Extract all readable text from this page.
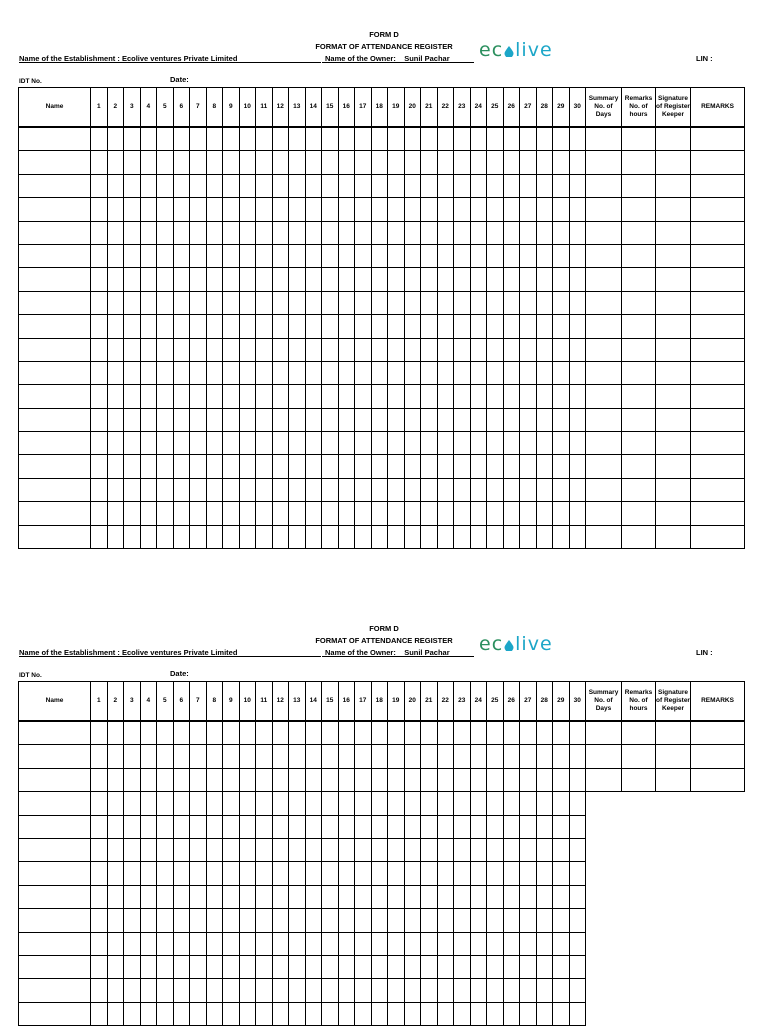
FORM D
FORMAT OF ATTENDANCE REGISTER
Name of the Establishment : Ecolive ventures Private Limited	Name of the Owner: Sunil Pachar ec live	LIN :
IDT No.	Date:
Name	1	2	3	4	5	6	7	8	9	10	11	12	13	14	15	16	17	18	19	20	21	22	23	24	25	26	27	28	29	30	Summary No. of Days	Remarks No. of hours	Signature of Register Keeper	REMARKS

FORM D
FORMAT OF ATTENDANCE REGISTER
Name of the Establishment : Ecolive ventures Private Limited	Name of the Owner: Sunil Pachar ec live	LIN :
IDT No.	Date:
Name	1	2	3	4	5	6	7	8	9	10	11	12	13	14	15	16	17	18	19	20	21	22	23	24	25	26	27	28	29	30	Summary No. of Days	Remarks No. of hours	Signature of Register Keeper	REMARKS
